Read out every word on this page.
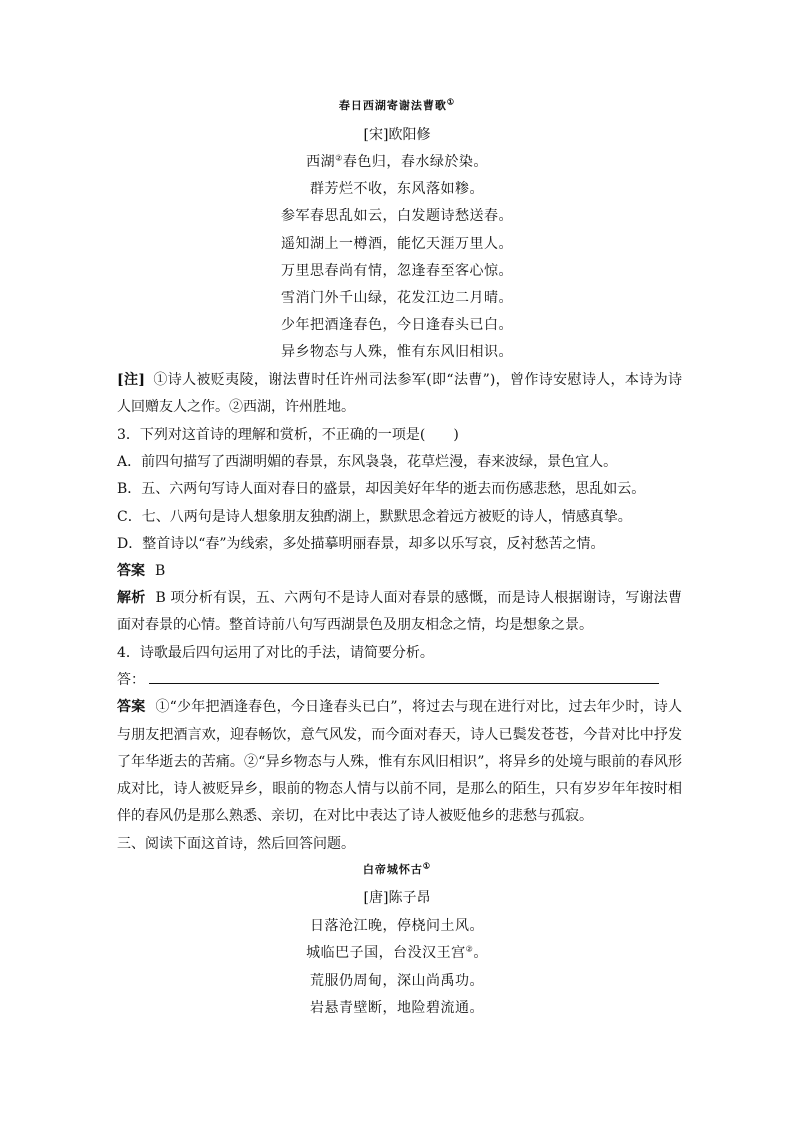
春日西湖寄谢法曹歌①
[宋]欧阳修
西湖②春色归，春水绿於染。
群芳烂不收，东风落如糁。
参军春思乱如云，白发题诗愁送春。
遥知湖上一樽酒，能忆天涯万里人。
万里思春尚有情，忽逢春至客心惊。
雪消门外千山绿，花发江边二月晴。
少年把酒逢春色，今日逢春头已白。
异乡物态与人殊，惟有东风旧相识。
[注] ①诗人被贬夷陵，谢法曹时任许州司法参军(即“法曹”)，曾作诗安慰诗人，本诗为诗
人回赠友人之作。②西湖，许州胜地。
3．下列对这首诗的理解和赏析，不正确的一项是(　　)
A．前四句描写了西湖明媚的春景，东风袅袅，花草烂漫，春来波绿，景色宜人。
B．五、六两句写诗人面对春日的盛景，却因美好年华的逝去而伤感悲愁，思乱如云。
C．七、八两句是诗人想象朋友独酌湖上，默默思念着远方被贬的诗人，情感真挚。
D．整首诗以“春”为线索，多处描摹明丽春景，却多以乐写哀，反衬愁苦之情。
答案 B
解析 B 项分析有误，五、六两句不是诗人面对春景的感慨，而是诗人根据谢诗，写谢法曹
面对春景的心情。整首诗前八句写西湖景色及朋友相念之情，均是想象之景。
4．诗歌最后四句运用了对比的手法，请简要分析。
答：
答案 ①“少年把酒逢春色，今日逢春头已白”，将过去与现在进行对比，过去年少时，诗人
与朋友把酒言欢，迎春畅饮，意气风发，而今面对春天，诗人已鬓发苍苍，今昔对比中抒发
了年华逝去的苦痛。②“异乡物态与人殊，惟有东风旧相识”，将异乡的处境与眼前的春风形
成对比，诗人被贬异乡，眼前的物态人情与以前不同，是那么的陌生，只有岁岁年年按时相
伴的春风仍是那么熟悉、亲切，在对比中表达了诗人被贬他乡的悲愁与孤寂。
三、阅读下面这首诗，然后回答问题。
白帝城怀古①
[唐]陈子昂
日落沧江晚，停桡问土风。
城临巴子国，台没汉王宫②。
荒服仍周甸，深山尚禹功。
岩悬青壁断，地险碧流通。
